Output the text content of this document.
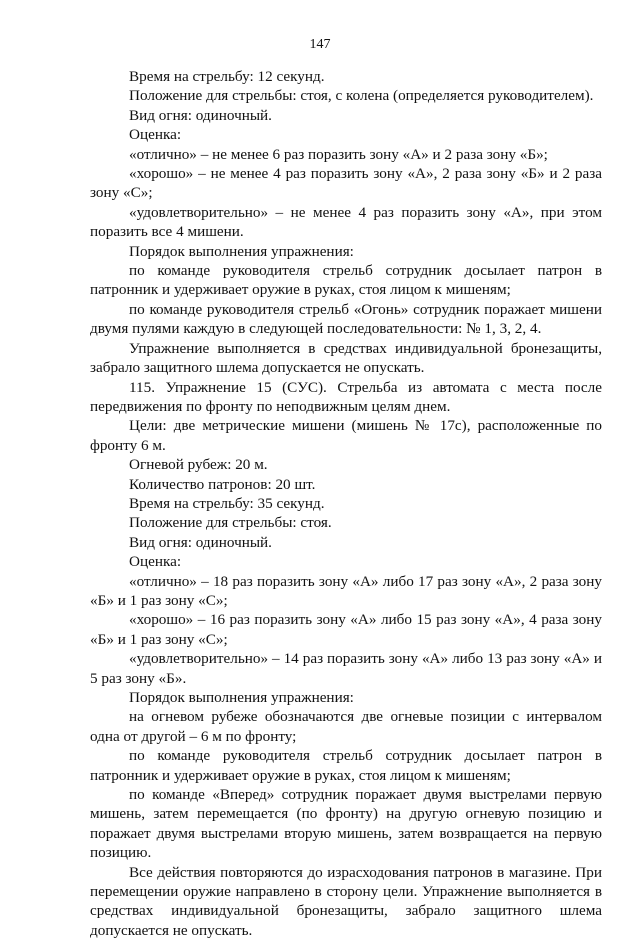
147

Время на стрельбу: 12 секунд.

Положение для стрельбы: стоя, с колена (определяется руководителем).

Вид огня: одиночный.

Оценка:

«отлично» – не менее 6 раз поразить зону «А» и 2 раза зону «Б»;

«хорошо» – не менее 4 раз поразить зону «А», 2 раза зону «Б» и 2 раза зону «С»;

«удовлетворительно» – не менее 4 раз поразить зону «А», при этом поразить все 4 мишени.

Порядок выполнения упражнения:

по команде руководителя стрельб сотрудник досылает патрон в патронник и удерживает оружие в руках, стоя лицом к мишеням;

по команде руководителя стрельб «Огонь» сотрудник поражает мишени двумя пулями каждую в следующей последовательности: № 1, 3, 2, 4.

Упражнение выполняется в средствах индивидуальной бронезащиты, забрало защитного шлема допускается не опускать.

115. Упражнение 15 (СУС). Стрельба из автомата с места после передвижения по фронту по неподвижным целям днем.

Цели: две метрические мишени (мишень № 17с), расположенные по фронту 6 м.

Огневой рубеж: 20 м.

Количество патронов: 20 шт.

Время на стрельбу: 35 секунд.

Положение для стрельбы: стоя.

Вид огня: одиночный.

Оценка:

«отлично» – 18 раз поразить зону «А» либо 17 раз зону «А», 2 раза зону «Б» и 1 раз зону «С»;

«хорошо» – 16 раз поразить зону «А» либо 15 раз зону «А», 4 раза зону «Б» и 1 раз зону «С»;

«удовлетворительно» – 14 раз поразить зону «А» либо 13 раз зону «А» и 5 раз зону «Б».

Порядок выполнения упражнения:

на огневом рубеже обозначаются две огневые позиции с интервалом одна от другой – 6 м по фронту;

по команде руководителя стрельб сотрудник досылает патрон в патронник и удерживает оружие в руках, стоя лицом к мишеням;

по команде «Вперед» сотрудник поражает двумя выстрелами первую мишень, затем перемещается (по фронту) на другую огневую позицию и поражает двумя выстрелами вторую мишень, затем возвращается на первую позицию.

Все действия повторяются до израсходования патронов в магазине. При перемещении оружие направлено в сторону цели. Упражнение выполняется в средствах индивидуальной бронезащиты, забрало защитного шлема допускается не опускать.
